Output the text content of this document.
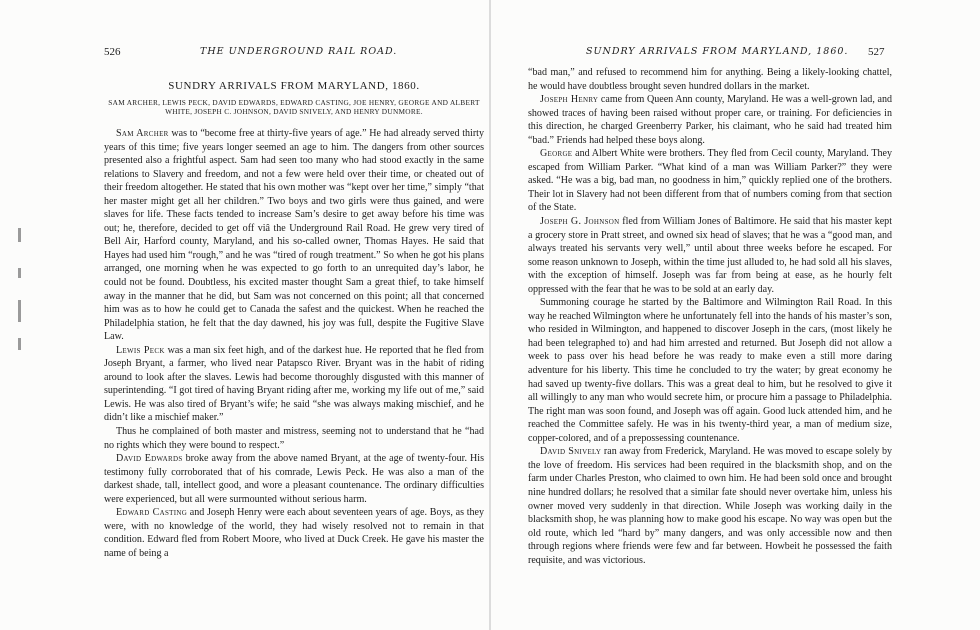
526	THE UNDERGROUND RAIL ROAD.
SUNDRY ARRIVALS FROM MARYLAND, 1860.
SAM ARCHER, LEWIS PECK, DAVID EDWARDS, EDWARD CASTING, JOE HENRY, GEORGE AND ALBERT WHITE, JOSEPH C. JOHNSON, DAVID SNIVELY, AND HENRY DUNMORE.

Sam Archer was to “become free at thirty-five years of age.” He had already served thirty years of this time; five years longer seemed an age to him. The dangers from other sources presented also a frightful aspect. Sam had seen too many who had stood exactly in the same relations to Slavery and freedom, and not a few were held over their time, or cheated out of their freedom altogether. He stated that his own mother was “kept over her time,” simply “that her master might get all her children.” Two boys and two girls were thus gained, and were slaves for life. These facts tended to increase Sam’s desire to get away before his time was out; he, therefore, decided to get off viâ the Underground Rail Road. He grew very tired of Bell Air, Harford county, Maryland, and his so-called owner, Thomas Hayes. He said that Hayes had used him “rough,” and he was “tired of rough treatment.” So when he got his plans arranged, one morning when he was expected to go forth to an unrequited day’s labor, he could not be found. Doubtless, his excited master thought Sam a great thief, to take himself away in the manner that he did, but Sam was not concerned on this point; all that concerned him was as to how he could get to Canada the safest and the quickest. When he reached the Philadelphia station, he felt that the day dawned, his joy was full, despite the Fugitive Slave Law.

Lewis Peck was a man six feet high, and of the darkest hue. He reported that he fled from Joseph Bryant, a farmer, who lived near Patapsco River. Bryant was in the habit of riding around to look after the slaves. Lewis had become thoroughly disgusted with this manner of superintending. “I got tired of having Bryant riding after me, working my life out of me,” said Lewis. He was also tired of Bryant’s wife; he said “she was always making mischief, and he didn’t like a mischief maker.”

Thus he complained of both master and mistress, seeming not to understand that he “had no rights which they were bound to respect.”

David Edwards broke away from the above named Bryant, at the age of twenty-four. His testimony fully corroborated that of his comrade, Lewis Peck. He was also a man of the darkest shade, tall, intellect good, and wore a pleasant countenance. The ordinary difficulties were experienced, but all were surmounted without serious harm.

Edward Casting and Joseph Henry were each about seventeen years of age. Boys, as they were, with no knowledge of the world, they had wisely resolved not to remain in that condition. Edward fled from Robert Moore, who lived at Duck Creek. He gave his master the name of being a

SUNDRY ARRIVALS FROM MARYLAND, 1860. 527

“bad man,” and refused to recommend him for anything. Being a likely-looking chattel, he would have doubtless brought seven hundred dollars in the market.

Joseph Henry came from Queen Ann county, Maryland. He was a well-grown lad, and showed traces of having been raised without proper care, or training. For deficiencies in this direction, he charged Greenberry Parker, his claimant, who he said had treated him “bad.” Friends had helped these boys along.

George and Albert White were brothers. They fled from Cecil county, Maryland. They escaped from William Parker. “What kind of a man was William Parker?” they were asked. “He was a big, bad man, no goodness in him,” quickly replied one of the brothers. Their lot in Slavery had not been different from that of numbers coming from that section of the State.

Joseph G. Johnson fled from William Jones of Baltimore. He said that his master kept a grocery store in Pratt street, and owned six head of slaves; that he was a “good man, and always treated his servants very well,” until about three weeks before he escaped. For some reason unknown to Joseph, within the time just alluded to, he had sold all his slaves, with the exception of himself. Joseph was far from being at ease, as he hourly felt oppressed with the fear that he was to be sold at an early day.

Summoning courage he started by the Baltimore and Wilmington Rail Road. In this way he reached Wilmington where he unfortunately fell into the hands of his master’s son, who resided in Wilmington, and happened to discover Joseph in the cars, (most likely he had been telegraphed to) and had him arrested and returned. But Joseph did not allow a week to pass over his head before he was ready to make even a still more daring adventure for his liberty. This time he concluded to try the water; by great economy he had saved up twenty-five dollars. This was a great deal to him, but he resolved to give it all willingly to any man who would secrete him, or procure him a passage to Philadelphia. The right man was soon found, and Joseph was off again. Good luck attended him, and he reached the Committee safely. He was in his twenty-third year, a man of medium size, copper-colored, and of a prepossessing countenance.

David Snively ran away from Frederick, Maryland. He was moved to escape solely by the love of freedom. His services had been required in the blacksmith shop, and on the farm under Charles Preston, who claimed to own him. He had been sold once and brought nine hundred dollars; he resolved that a similar fate should never overtake him, unless his owner moved very suddenly in that direction. While Joseph was working daily in the blacksmith shop, he was planning how to make good his escape. No way was open but the old route, which led “hard by” many dangers, and was only accessible now and then through regions where friends were few and far between. Howbeit he possessed the faith requisite, and was victorious.
